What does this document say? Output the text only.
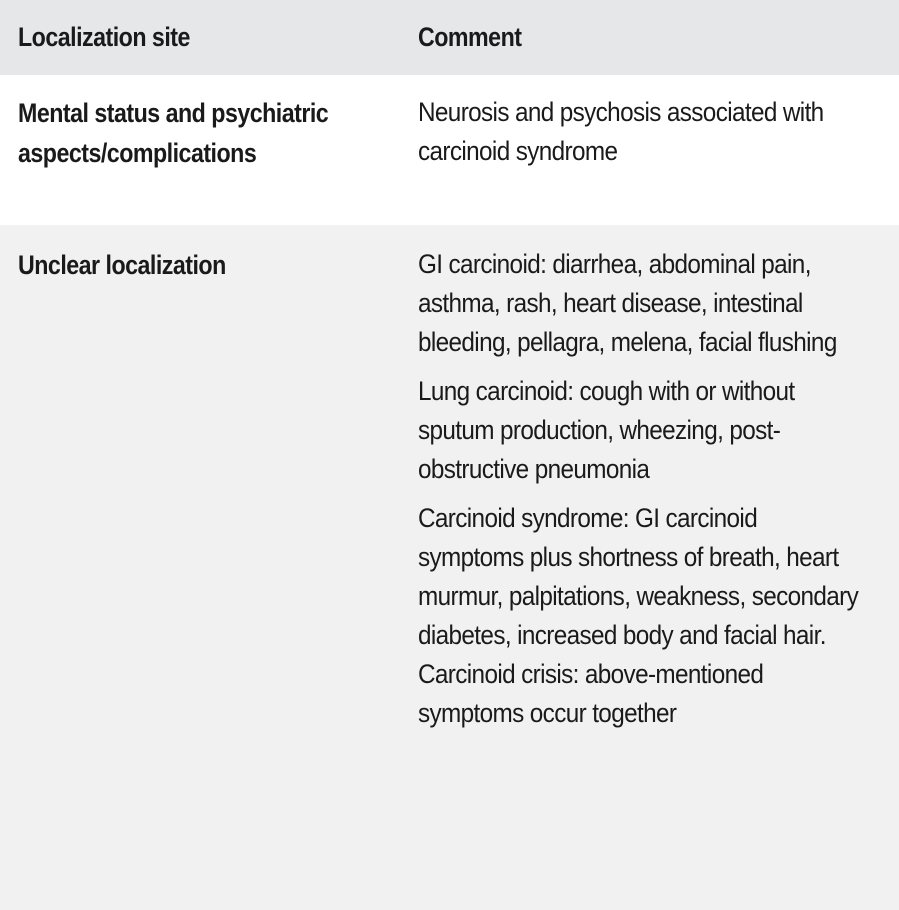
Localization site	Comment
Mental status and psychiatric aspects/complications
Neurosis and psychosis associated with carcinoid syndrome
Unclear localization	GI carcinoid: diarrhea, abdominal pain, asthma, rash, heart disease, intestinal bleeding, pellagra, melena, facial flushing
Lung carcinoid: cough with or without sputum production, wheezing, post-obstructive pneumonia
Carcinoid syndrome: GI carcinoid symptoms plus shortness of breath, heart murmur, palpitations, weakness, secondary diabetes, increased body and facial hair. Carcinoid crisis: above-mentioned symptoms occur together
